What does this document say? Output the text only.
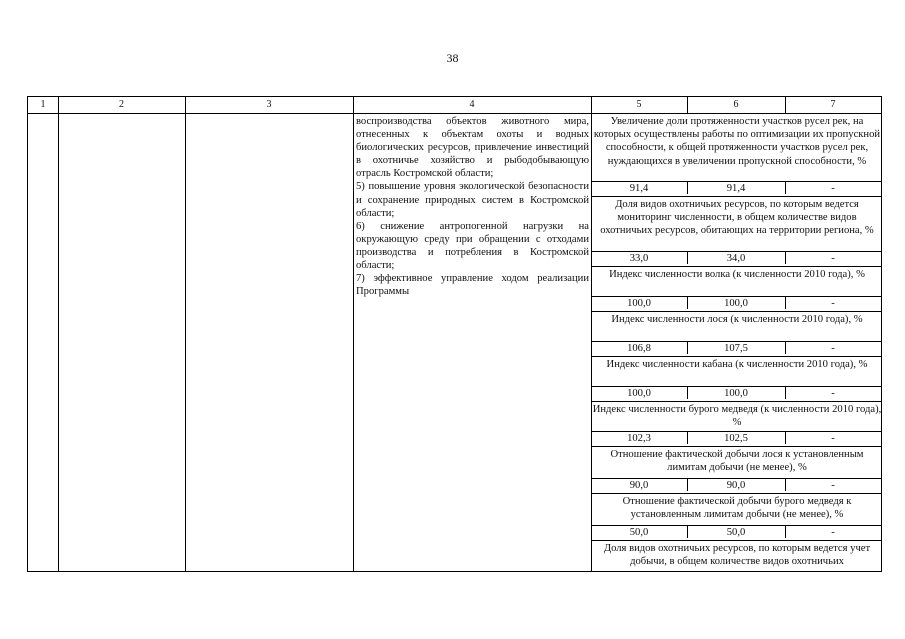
38
1	2	3	4	5	6	7

воспроизводства объектов животного мира, отнесенных к объектам охоты и водных биологических ресурсов, привлечение инвестиций в охотничье хозяйство и рыбодобывающую отрасль Костромской области;

5) повышение уровня экологической безопасности и сохранение природных систем в Костромской области;

6) снижение антропогенной нагрузки на окружающую среду при обращении с отходами производства и потребления в Костромской области;

7) эффективное управление ходом реализации Программы

Увеличение доли протяженности участков русел рек, на которых осуществлены работы по оптимизации их пропускной способности, к общей протяженности участков русел рек, нуждающихся в увеличении пропускной способности, %
91,4	91,4	-
Доля видов охотничьих ресурсов, по которым ведется мониторинг численности, в общем количестве видов охотничьих ресурсов, обитающих на территории региона, %
33,0	34,0	-
Индекс численности волка (к численности 2010 года), %
100,0	100,0	-
Индекс численности лося (к численности 2010 года), %
106,8	107,5	-
Индекс численности кабана (к численности 2010 года), %
100,0	100,0	-
Индекс численности бурого медведя (к численности 2010 года), %
102,3	102,5	-
Отношение фактической добычи лося к установленным лимитам добычи (не менее), %
90,0	90,0	-
Отношение фактической добычи бурого медведя к установленным лимитам добычи (не менее), %
50,0	50,0	-
Доля видов охотничьих ресурсов, по которым ведется учет добычи, в общем количестве видов охотничьих
